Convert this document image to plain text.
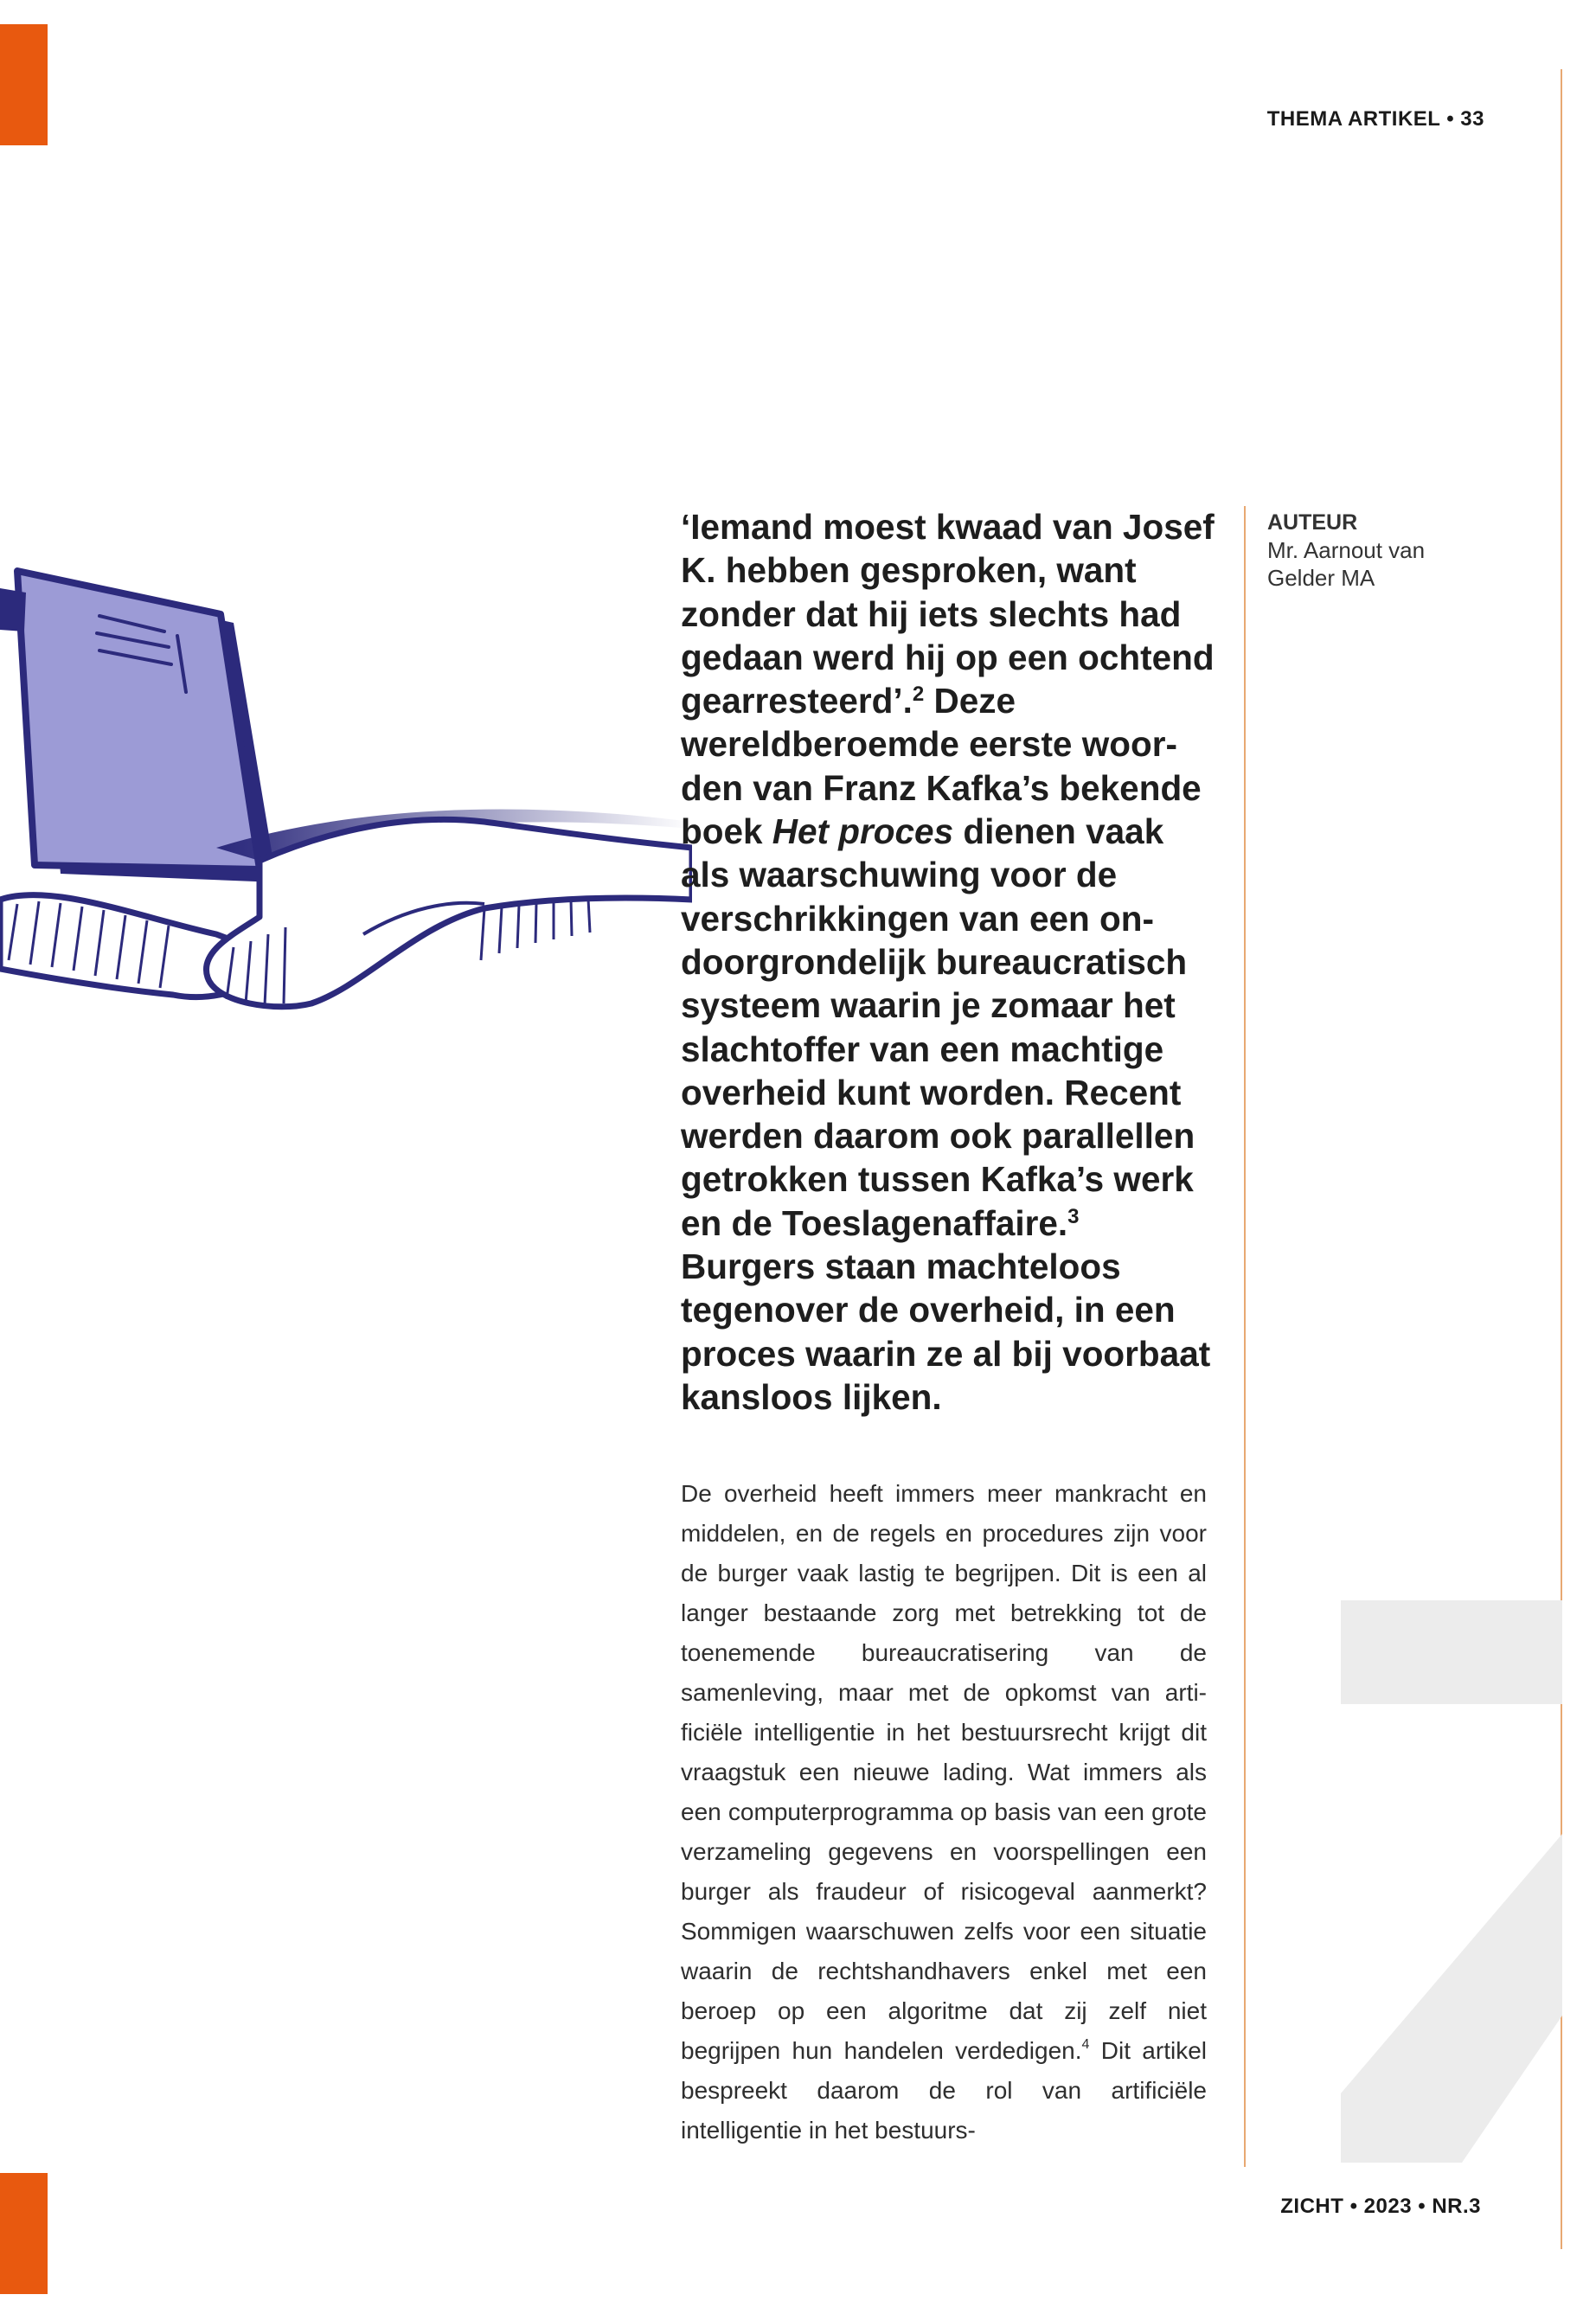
THEMA ARTIKEL • 33
AUTEUR
Mr. Aarnout van Gelder MA

‘Iemand moest kwaad van Josef K. hebben gesproken, want zonder dat hij iets slechts had gedaan werd hij op een ochtend gearresteerd’.$^2$ Deze wereldberoemde eerste woorden van Franz Kafka’s bekende boek Het proces dienen vaak als waarschuwing voor de verschrikkingen van een ondoorgrondelijk bureaucratisch systeem waarin je zomaar het slachtoffer van een machtige overheid kunt worden. Recent werden daarom ook parallellen getrokken tussen Kafka’s werk en de Toeslagenaffaire.$^3$ Burgers staan machteloos tegenover de overheid, in een proces waarin ze al bij voorbaat kansloos lijken.

De overheid heeft immers meer mankracht en middelen, en de regels en procedures zijn voor de burger vaak lastig te begrijpen. Dit is een al langer bestaande zorg met betrekking tot de toenemende bureaucratisering van de samenleving, maar met de opkomst van artificiële intelligentie in het bestuursrecht krijgt dit vraagstuk een nieuwe lading. Wat immers als een computerprogramma op basis van een grote verzameling gegevens en voorspellingen een burger als fraudeur of risicogeval aanmerkt? Sommigen waarschuwen zelfs voor een situatie waarin de rechtshandhavers enkel met een beroep op een algoritme dat zij zelf niet begrijpen hun handelen verdedigen.$^4$ Dit artikel bespreekt daarom de rol van artificiële intelligentie in het bestuurs-

ZICHT • 2023 • NR.3
